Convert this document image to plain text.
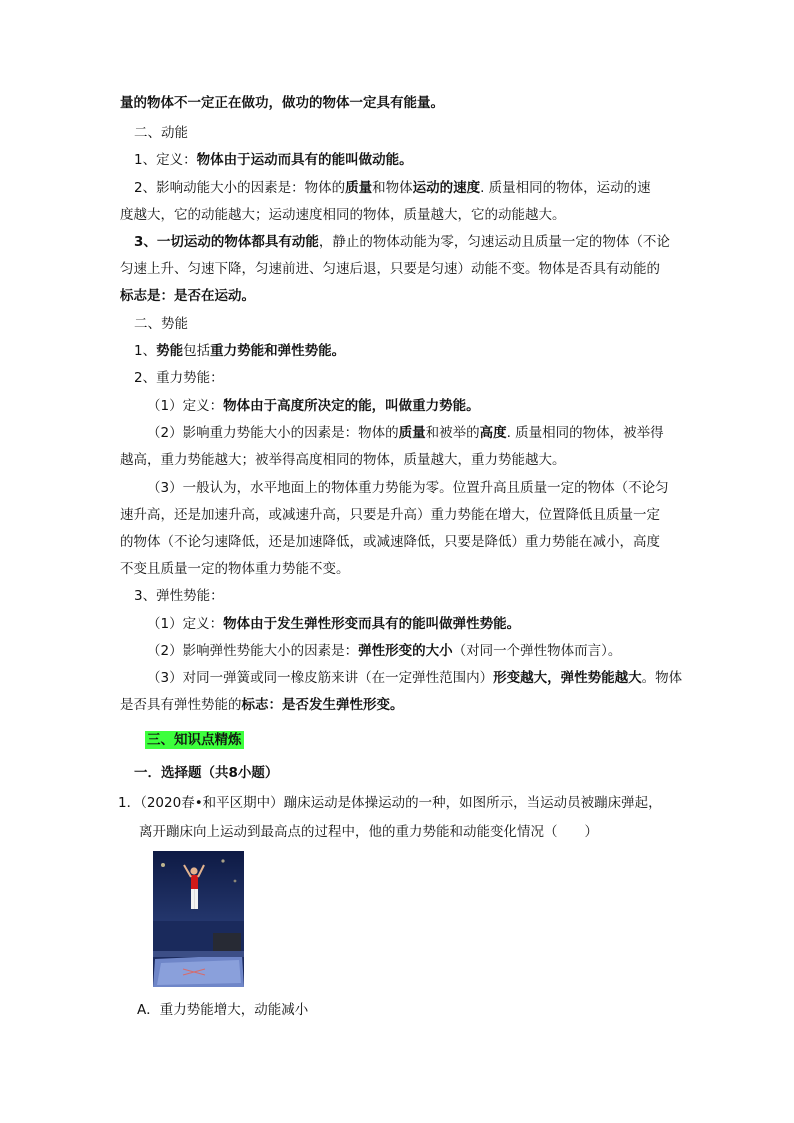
量的物体不一定正在做功，做功的物体一定具有能量。
二、动能
1、定义：物体由于运动而具有的能叫做动能。
2、影响动能大小的因素是：物体的质量和物体运动的速度. 质量相同的物体，运动的速
度越大，它的动能越大；运动速度相同的物体，质量越大，它的动能越大。
3、一切运动的物体都具有动能，静止的物体动能为零，匀速运动且质量一定的物体（不论
匀速上升、匀速下降，匀速前进、匀速后退，只要是匀速）动能不变。物体是否具有动能的
标志是：是否在运动。
二、势能
1、势能包括重力势能和弹性势能。
2、重力势能：
（1）定义：物体由于高度所决定的能，叫做重力势能。
（2）影响重力势能大小的因素是：物体的质量和被举的高度. 质量相同的物体，被举得
越高，重力势能越大；被举得高度相同的物体，质量越大，重力势能越大。
（3）一般认为，水平地面上的物体重力势能为零。位置升高且质量一定的物体（不论匀
速升高，还是加速升高，或减速升高，只要是升高）重力势能在增大，位置降低且质量一定
的物体（不论匀速降低，还是加速降低，或减速降低，只要是降低）重力势能在减小，高度
不变且质量一定的物体重力势能不变。
3、弹性势能：
（1）定义：物体由于发生弹性形变而具有的能叫做弹性势能。
（2）影响弹性势能大小的因素是：弹性形变的大小（对同一个弹性物体而言）。
（3）对同一弹簧或同一橡皮筋来讲（在一定弹性范围内）形变越大，弹性势能越大。物体
是否具有弹性势能的标志：是否发生弹性形变。
三、知识点精炼
一．选择题（共8小题）
1．（2020春•和平区期中）蹦床运动是体操运动的一种，如图所示，当运动员被蹦床弹起，
离开蹦床向上运动到最高点的过程中，他的重力势能和动能变化情况（　　）
A．重力势能增大，动能减小
